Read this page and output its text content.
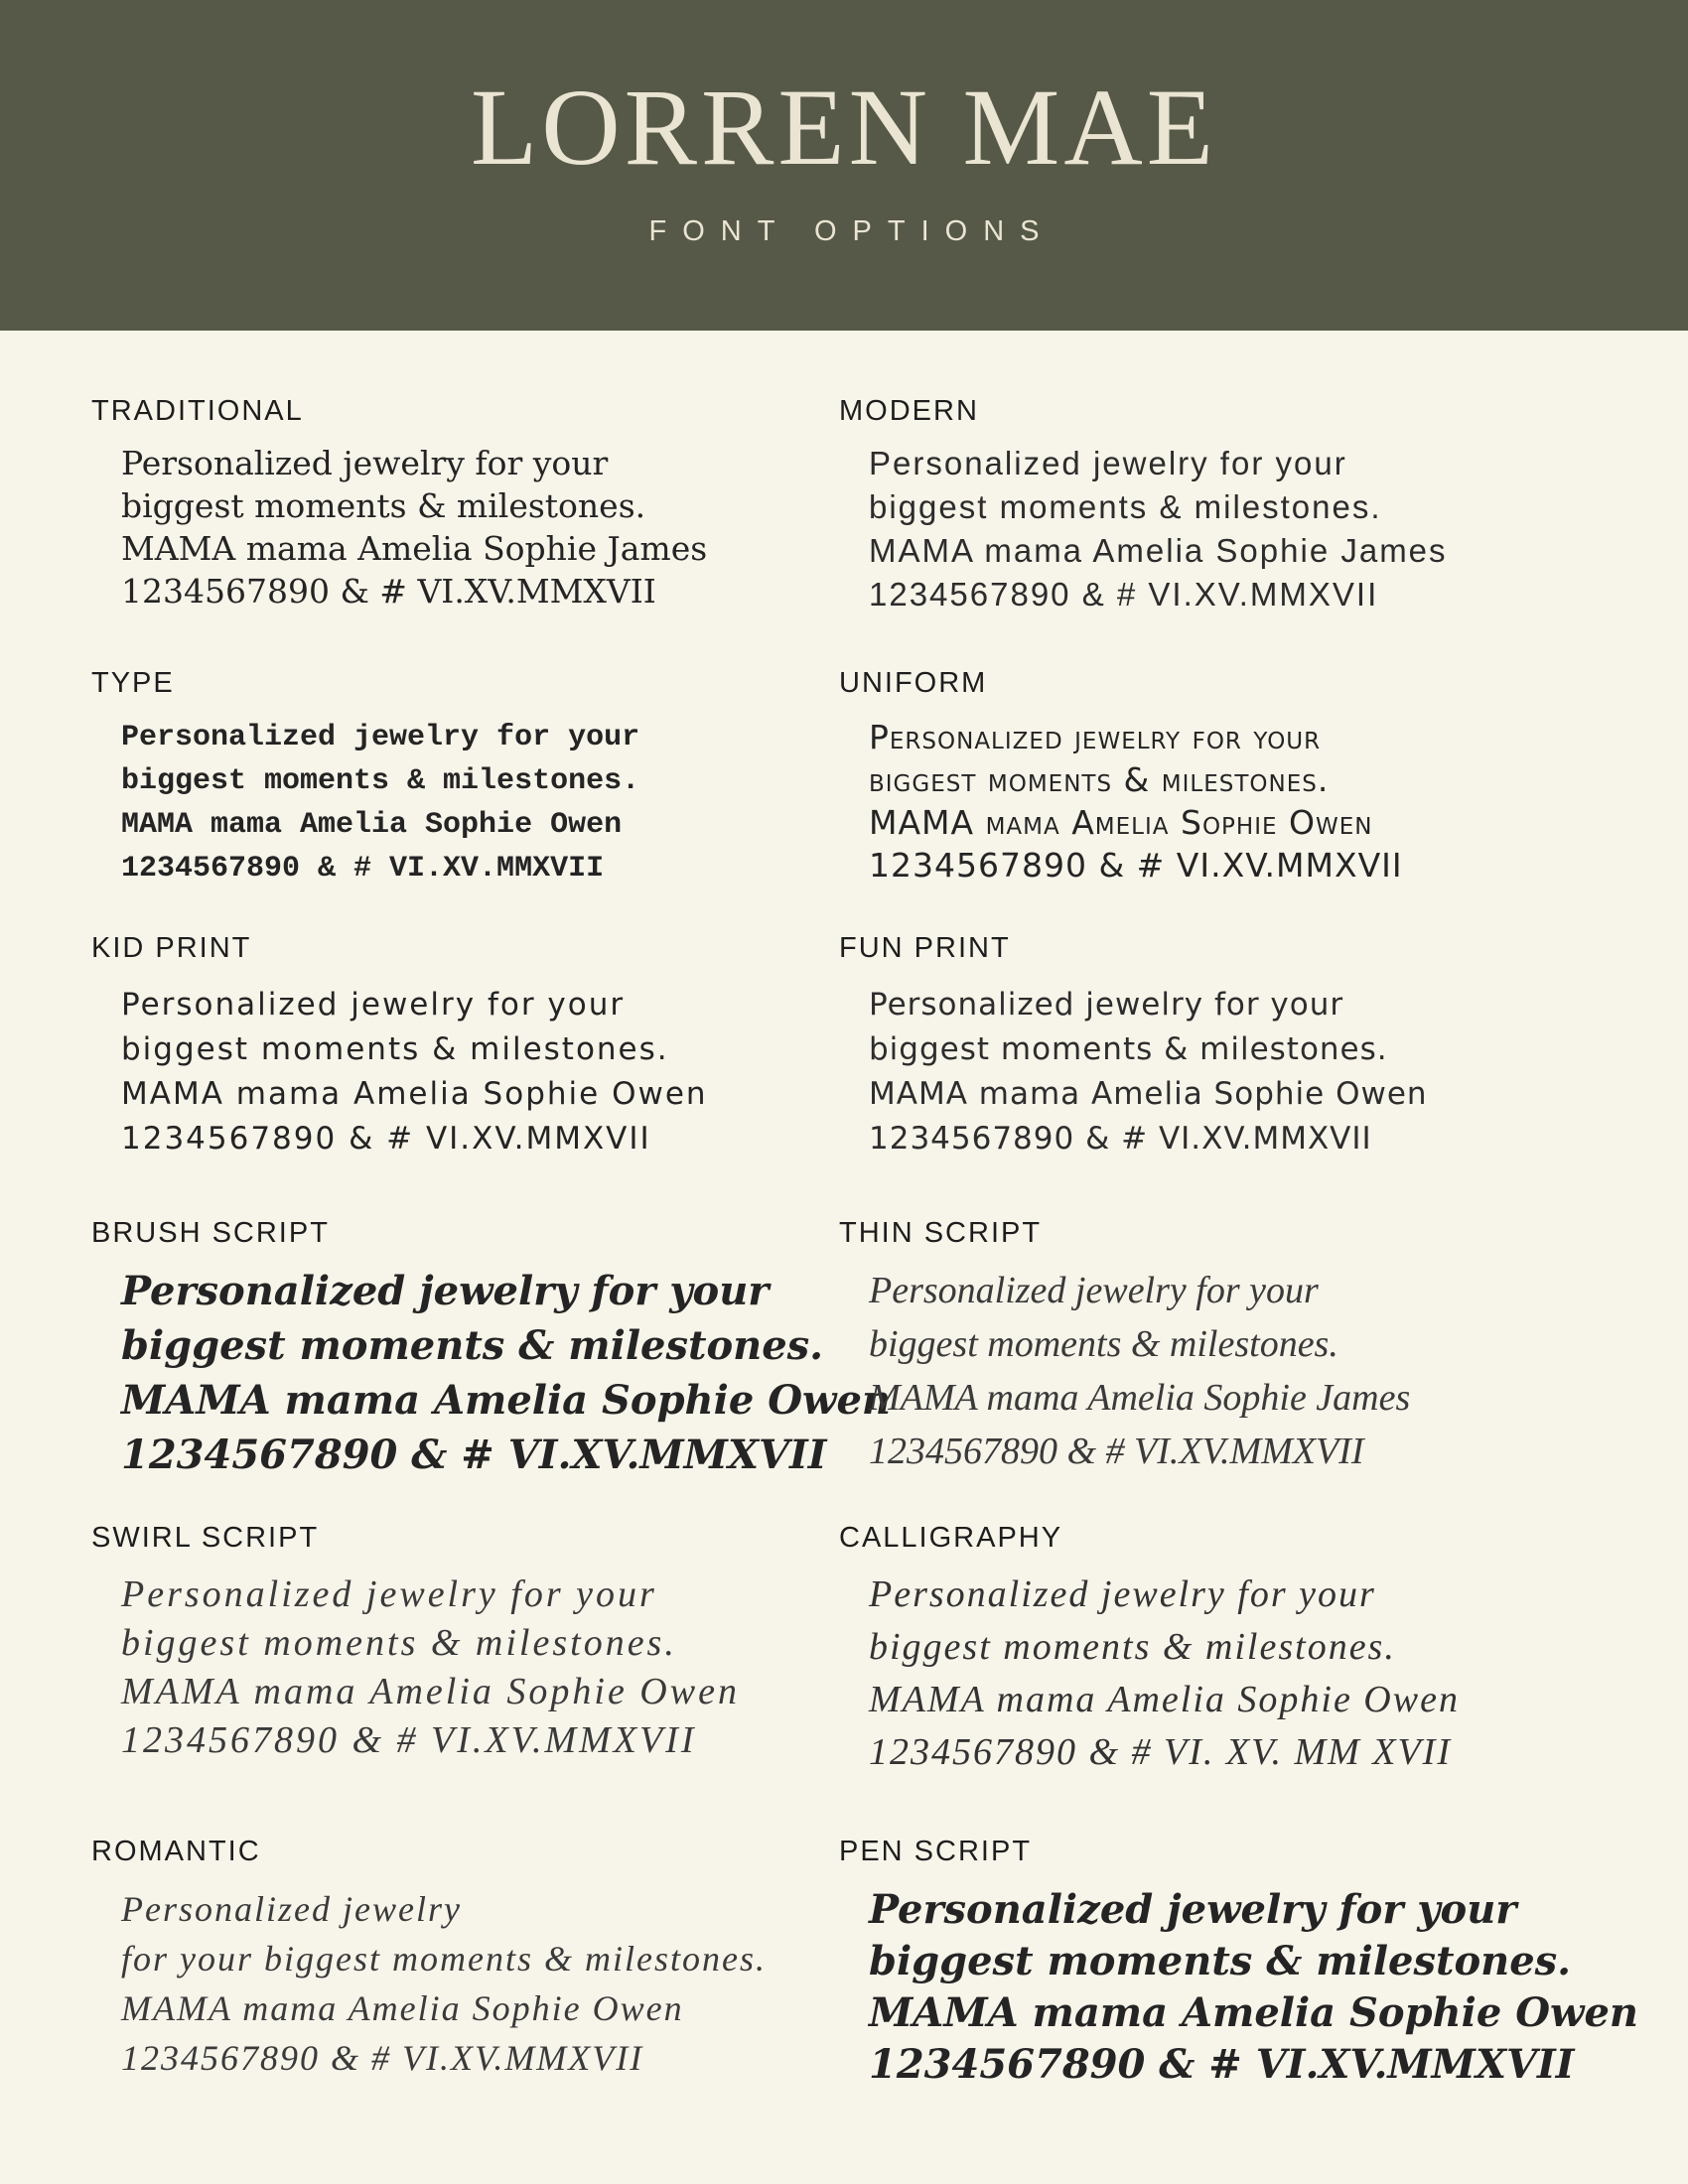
LORREN MAE
FONT OPTIONS
TRADITIONAL
Personalized jewelry for your
biggest moments & milestones.
MAMA mama Amelia Sophie James
1234567890 & # VI.XV.MMXVII
MODERN
Personalized jewelry for your
biggest moments & milestones.
MAMA mama Amelia Sophie James
1234567890 & # VI.XV.MMXVII
TYPE
Personalized jewelry for your
biggest moments & milestones.
MAMA mama Amelia Sophie Owen
1234567890 & # VI.XV.MMXVII
UNIFORM
Personalized jewelry for your
biggest moments & milestones.
MAMA mama Amelia Sophie Owen
1234567890 & # VI.XV.MMXVII
KID PRINT
Personalized jewelry for your
biggest moments & milestones.
MAMA mama Amelia Sophie Owen
1234567890 & # VI.XV.MMXVII
FUN PRINT
Personalized jewelry for your
biggest moments & milestones.
MAMA mama Amelia Sophie Owen
1234567890 & # VI.XV.MMXVII
BRUSH SCRIPT
Personalized jewelry for your
biggest moments & milestones.
MAMA mama Amelia Sophie Owen
1234567890 & # VI.XV.MMXVII
THIN SCRIPT
Personalized jewelry for your
biggest moments & milestones.
MAMA mama Amelia Sophie James
1234567890 & # VI.XV.MMXVII
SWIRL SCRIPT
Personalized jewelry for your
biggest moments & milestones.
MAMA mama Amelia Sophie Owen
1234567890 & # VI.XV.MMXVII
CALLIGRAPHY
Personalized jewelry for your
biggest moments & milestones.
MAMA mama Amelia Sophie Owen
1234567890 & # VI. XV. MM XVII
ROMANTIC
Personalized jewelry
for your biggest moments & milestones.
MAMA mama Amelia Sophie Owen
1234567890 & # VI.XV.MMXVII
PEN SCRIPT
Personalized jewelry for your
biggest moments & milestones.
MAMA mama Amelia Sophie Owen
1234567890 & # VI.XV.MMXVII
